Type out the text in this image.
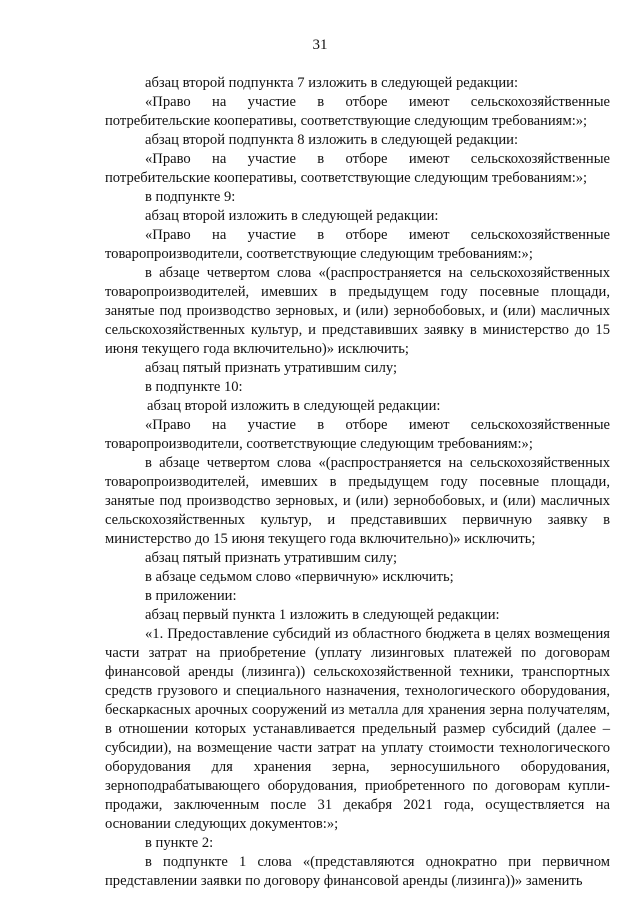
31

абзац второй подпункта 7 изложить в следующей редакции:

«Право на участие в отборе имеют сельскохозяйственные потребительские кооперативы, соответствующие следующим требованиям:»;

абзац второй подпункта 8 изложить в следующей редакции:

«Право на участие в отборе имеют сельскохозяйственные потребительские кооперативы, соответствующие следующим требованиям:»;

в подпункте 9:

абзац второй изложить в следующей редакции:

«Право на участие в отборе имеют сельскохозяйственные товаропроизводители, соответствующие следующим требованиям:»;

в абзаце четвертом слова «(распространяется на сельскохозяйственных товаропроизводителей, имевших в предыдущем году посевные площади, занятые под производство зерновых, и (или) зернобобовых, и (или) масличных сельскохозяйственных культур, и представивших заявку в министерство до 15 июня текущего года включительно)» исключить;

абзац пятый признать утратившим силу;

в подпункте 10:

абзац второй изложить в следующей редакции:

«Право на участие в отборе имеют сельскохозяйственные товаропроизводители, соответствующие следующим требованиям:»;

в абзаце четвертом слова «(распространяется на сельскохозяйственных товаропроизводителей, имевших в предыдущем году посевные площади, занятые под производство зерновых, и (или) зернобобовых, и (или) масличных сельскохозяйственных культур, и представивших первичную заявку в министерство до 15 июня текущего года включительно)» исключить;

абзац пятый признать утратившим силу;

в абзаце седьмом слово «первичную» исключить;

в приложении:

абзац первый пункта 1 изложить в следующей редакции:

«1. Предоставление субсидий из областного бюджета в целях возмещения части затрат на приобретение (уплату лизинговых платежей по договорам финансовой аренды (лизинга)) сельскохозяйственной техники, транспортных средств грузового и специального назначения, технологического оборудования, бескаркасных арочных сооружений из металла для хранения зерна получателям, в отношении которых устанавливается предельный размер субсидий (далее – субсидии), на возмещение части затрат на уплату стоимости технологического оборудования для хранения зерна, зерносушильного оборудования, зерноподрабатывающего оборудования, приобретенного по договорам купли-продажи, заключенным после 31 декабря 2021 года, осуществляется на основании следующих документов:»;

в пункте 2:

в подпункте 1 слова «(представляются однократно при первичном представлении заявки по договору финансовой аренды (лизинга))» заменить
